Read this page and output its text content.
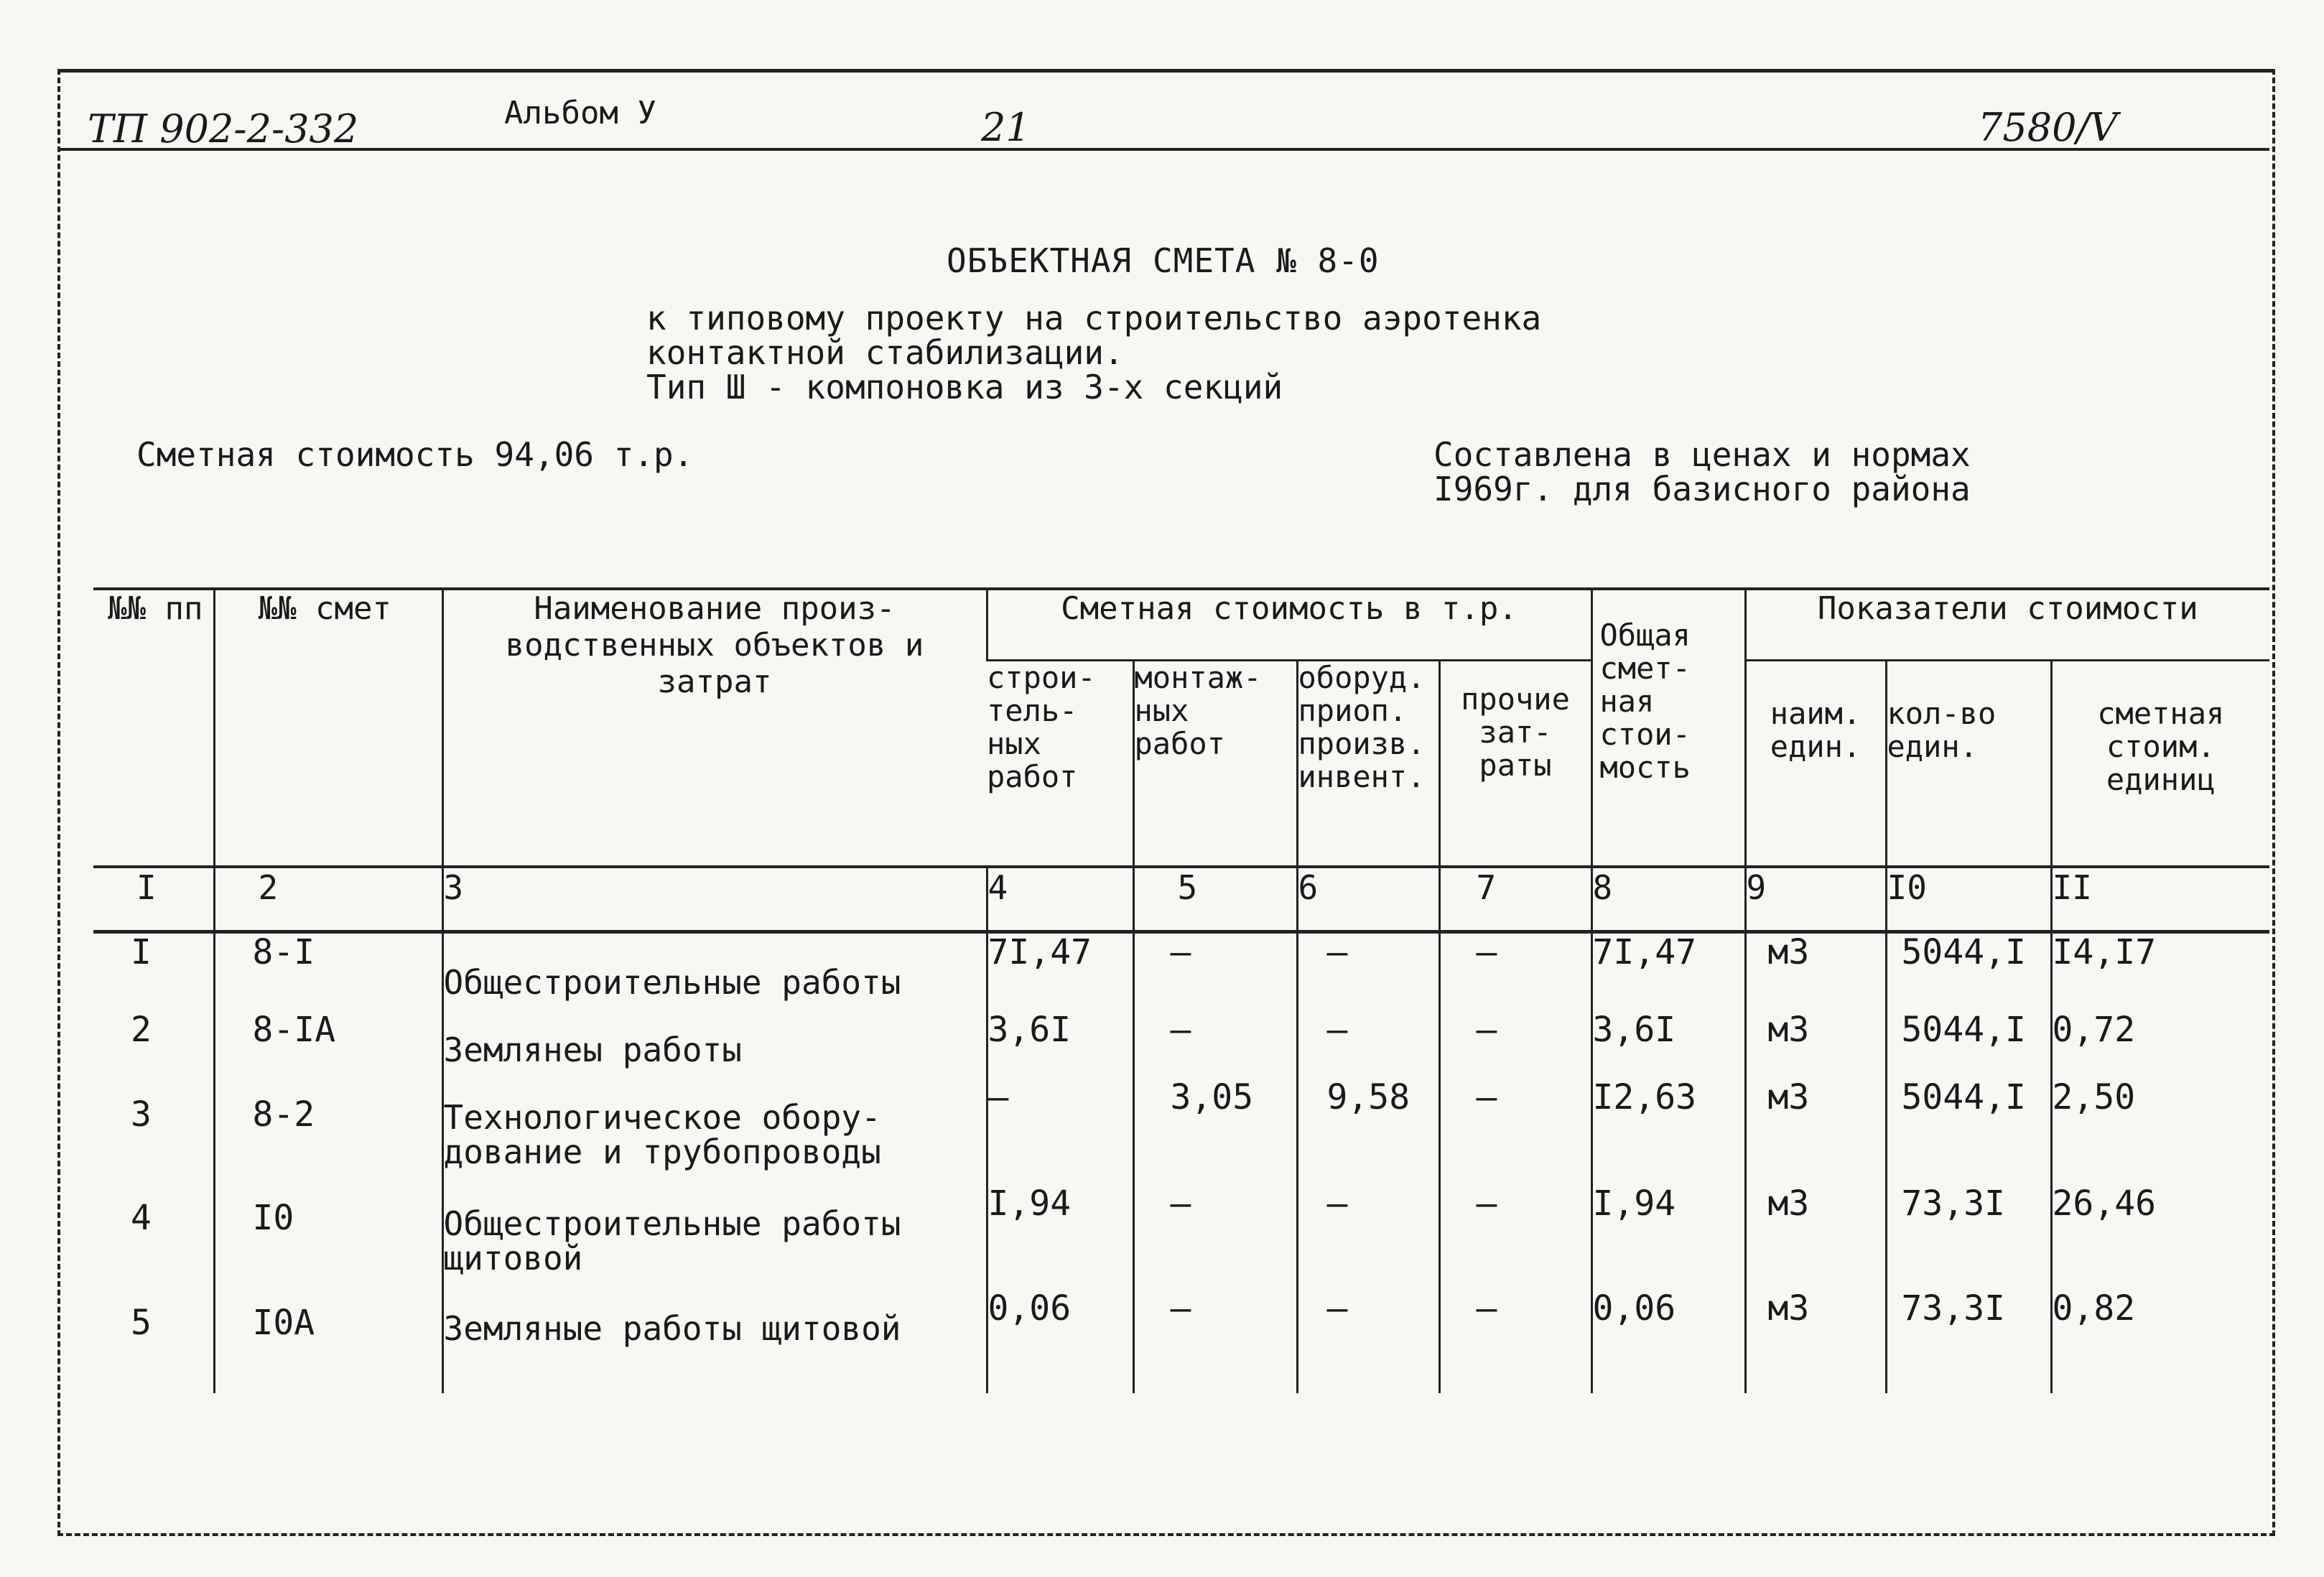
ТП 902-2-332	Альбом У	21	7580/V
ОБЪЕКТНАЯ СМЕТА № 8-0
к типовому проекту на строительство аэротенка
контактной стабилизации.
Тип Ш - компоновка из 3-х секций
Сметная стоимость 94,06 т.р.	Составлена в ценах и нормах
I969г. для базисного района
№№ пп	№№ смет	Наименование произ- водственных объектов и затрат	Сметная стоимость в т.р.				Общая смет- ная стои- мость	Показатели стоимости		
			строи- тель- ных работ	монтаж- ных работ	оборуд. приоп. произв. инвент.	прочие зат- раты		наим. един.	кол-во един.	сметная стоим. единиц
I	2	3	4	5	6	7	8	9	I0	II
I	8-I	Общестроительные работы	7I,47	–	–	–	7I,47	м3	5044,I	I4,I7
2	8-IA	Землянеы работы	3,6I	–	–	–	3,6I	м3	5044,I	0,72
3	8-2	Технологическое обору- дование и трубопроводы	–	3,05	9,58	–	I2,63	м3	5044,I	2,50
4	I0	Общестроительные работы щитовой	I,94	–	–	–	I,94	м3	73,3I	26,46
5	I0A	Земляные работы щитовой	0,06	–	–	–	0,06	м3	73,3I	0,82
